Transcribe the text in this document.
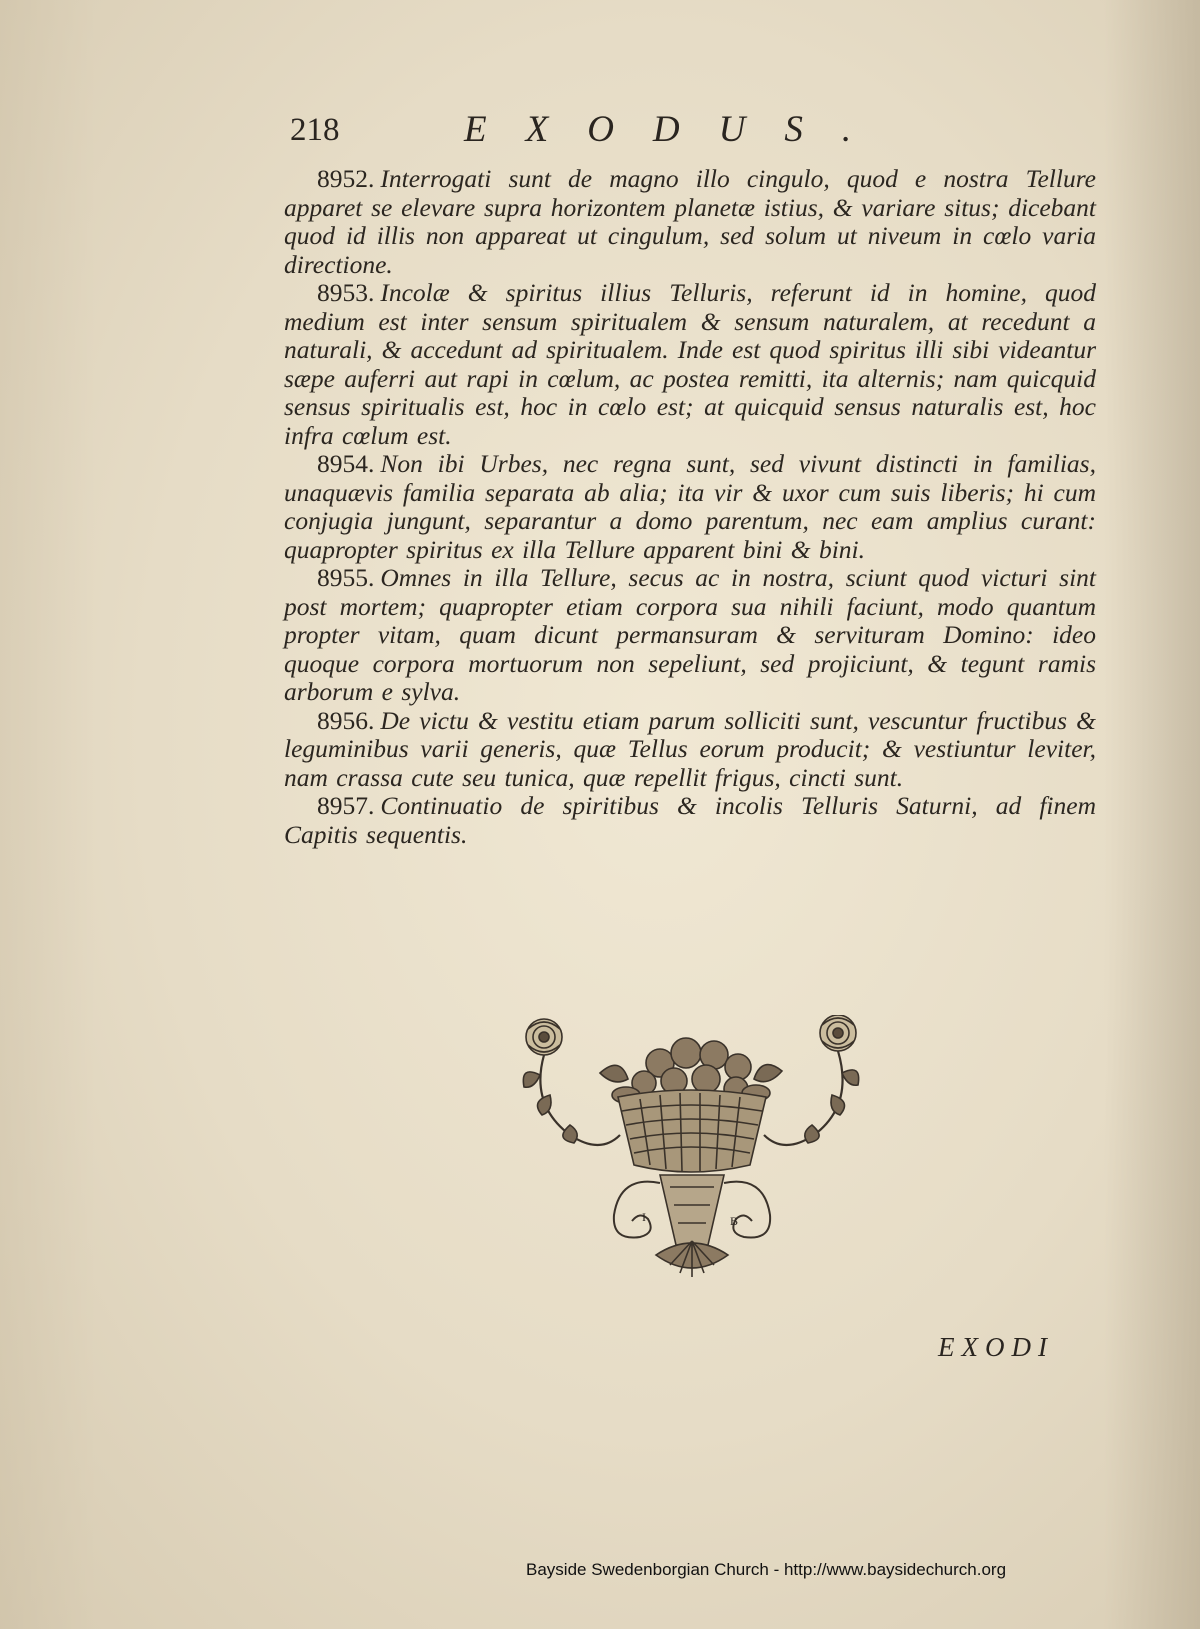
218	EXODUS.

8952. Interrogati sunt de magno illo cingulo, quod e nostra Tellure apparet se elevare supra horizontem planetæ istius, & variare situs; dicebant quod id illis non appareat ut cingulum, sed solum ut niveum in cœlo varia directione.

8953. Incolæ & spiritus illius Telluris, referunt id in homine, quod medium est inter sensum spiritualem & sensum naturalem, at recedunt a naturali, & accedunt ad spiritualem. Inde est quod spiritus illi sibi videantur sæpe auferri aut rapi in cœlum, ac postea remitti, ita alternis; nam quicquid sensus spiritualis est, hoc in cœlo est; at quicquid sensus naturalis est, hoc infra cœlum est.

8954. Non ibi Urbes, nec regna sunt, sed vivunt distincti in familias, unaquævis familia separata ab alia; ita vir & uxor cum suis liberis; hi cum conjugia jungunt, separantur a domo parentum, nec eam amplius curant: quapropter spiritus ex illa Tellure apparent bini & bini.

8955. Omnes in illa Tellure, secus ac in nostra, sciunt quod victuri sint post mortem; quapropter etiam corpora sua nihili faciunt, modo quantum propter vitam, quam dicunt permansuram & servituram Domino: ideo quoque corpora mortuorum non sepeliunt, sed projiciunt, & tegunt ramis arborum e sylva.

8956. De victu & vestitu etiam parum solliciti sunt, vescuntur fructibus & leguminibus varii generis, quæ Tellus eorum producit; & vestiuntur leviter, nam crassa cute seu tunica, quæ repellit frigus, cincti sunt.

8957. Continuatio de spiritibus & incolis Telluris Saturni, ad finem Capitis sequentis.

I	B
EXODI
Bayside Swedenborgian Church - http://www.baysidechurch.org
